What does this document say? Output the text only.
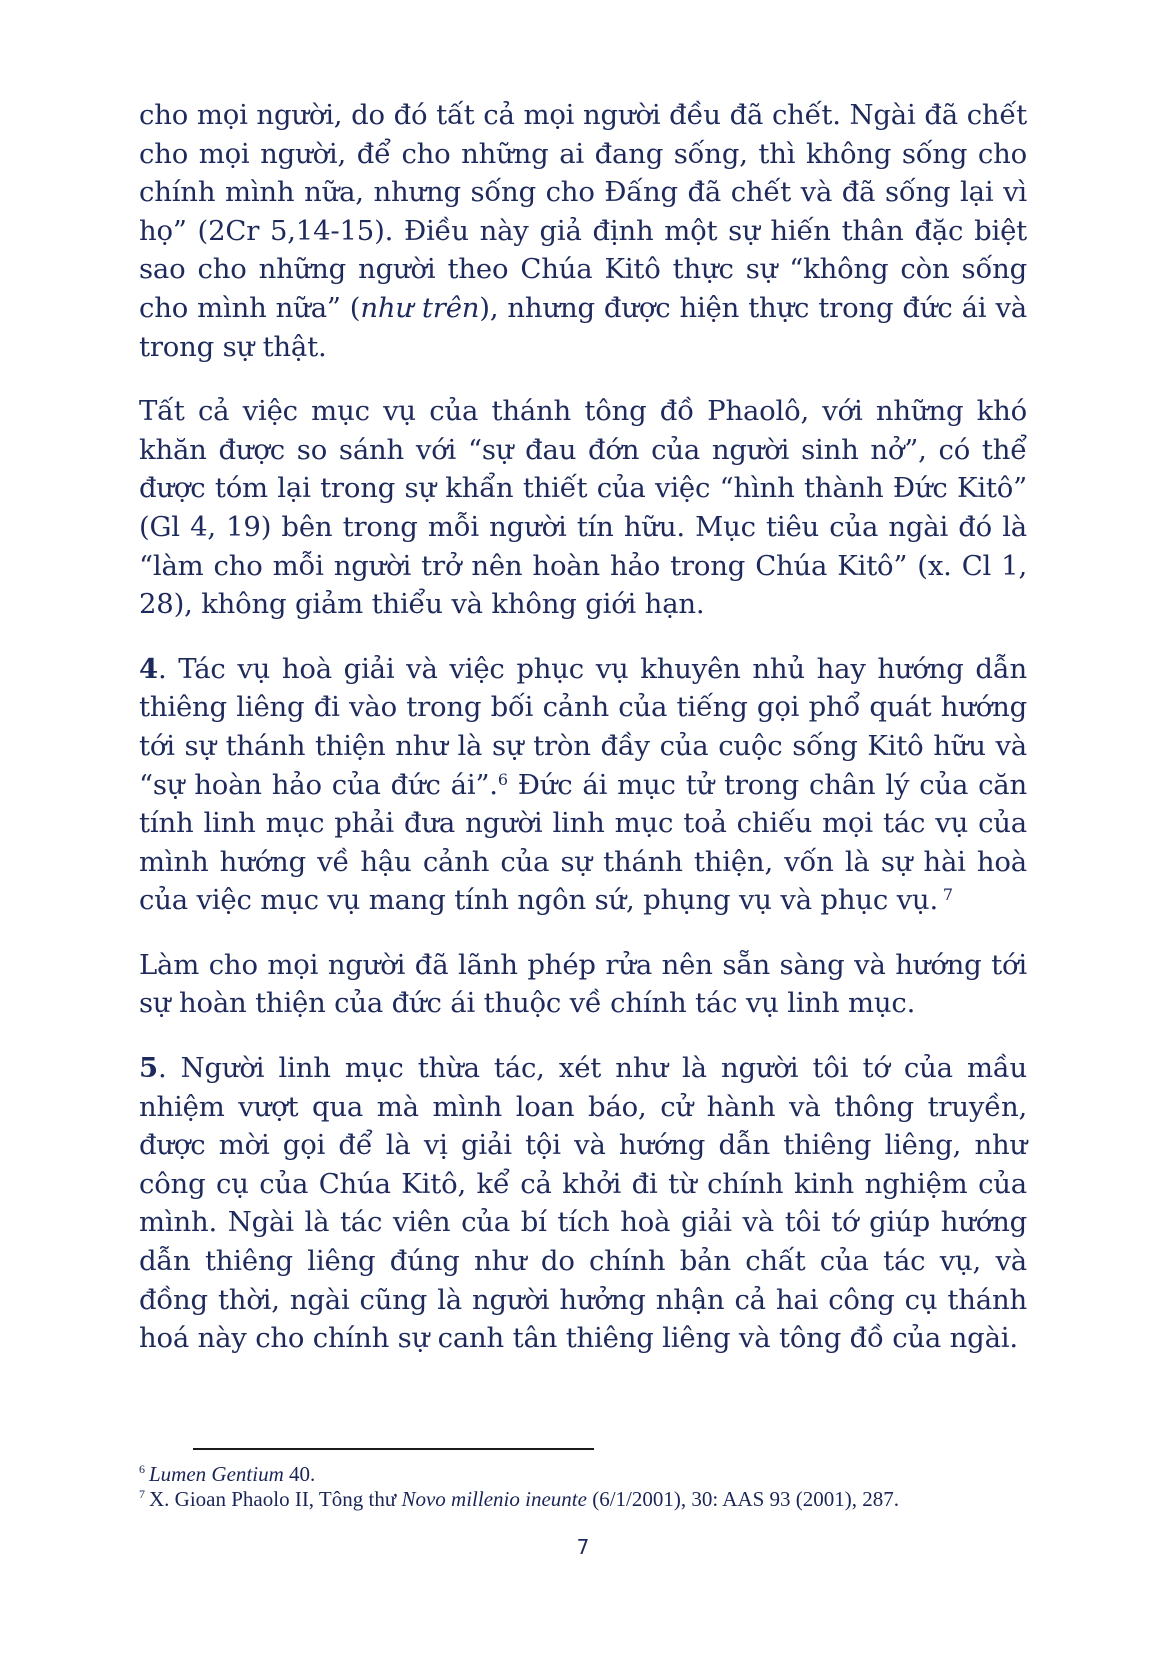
cho mọi người, do đó tất cả mọi người đều đã chết. Ngài đã chết cho mọi người, để cho những ai đang sống, thì không sống cho chính mình nữa, nhưng sống cho Đấng đã chết và đã sống lại vì họ” (2Cr 5,14-15). Điều này giả định một sự hiến thân đặc biệt sao cho những người theo Chúa Kitô thực sự “không còn sống cho mình nữa” (như trên), nhưng được hiện thực trong đức ái và trong sự thật.

Tất cả việc mục vụ của thánh tông đồ Phaolô, với những khó khăn được so sánh với “sự đau đớn của người sinh nở”, có thể được tóm lại trong sự khẩn thiết của việc “hình thành Đức Kitô” (Gl 4, 19) bên trong mỗi người tín hữu. Mục tiêu của ngài đó là “làm cho mỗi người trở nên hoàn hảo trong Chúa Kitô” (x. Cl 1, 28), không giảm thiểu và không giới hạn.

4. Tác vụ hoà giải và việc phục vụ khuyên nhủ hay hướng dẫn thiêng liêng đi vào trong bối cảnh của tiếng gọi phổ quát hướng tới sự thánh thiện như là sự tròn đầy của cuộc sống Kitô hữu và “sự hoàn hảo của đức ái”.$^6$ Đức ái mục tử trong chân lý của căn tính linh mục phải đưa người linh mục toả chiếu mọi tác vụ của mình hướng về hậu cảnh của sự thánh thiện, vốn là sự hài hoà của việc mục vụ mang tính ngôn sứ, phụng vụ và phục vụ. $^7$

Làm cho mọi người đã lãnh phép rửa nên sẵn sàng và hướng tới sự hoàn thiện của đức ái thuộc về chính tác vụ linh mục.

5. Người linh mục thừa tác, xét như là người tôi tớ của mầu nhiệm vượt qua mà mình loan báo, cử hành và thông truyền, được mời gọi để là vị giải tội và hướng dẫn thiêng liêng, như công cụ của Chúa Kitô, kể cả khởi đi từ chính kinh nghiệm của mình. Ngài là tác viên của bí tích hoà giải và tôi tớ giúp hướng dẫn thiêng liêng đúng như do chính bản chất của tác vụ, và đồng thời, ngài cũng là người hưởng nhận cả hai công cụ thánh hoá này cho chính sự canh tân thiêng liêng và tông đồ của ngài.

$^6$ Lumen Gentium 40.

$^7$ X. Gioan Phaolo II, Tông thư Novo millenio ineunte (6/1/2001), 30: AAS 93 (2001), 287.

7
